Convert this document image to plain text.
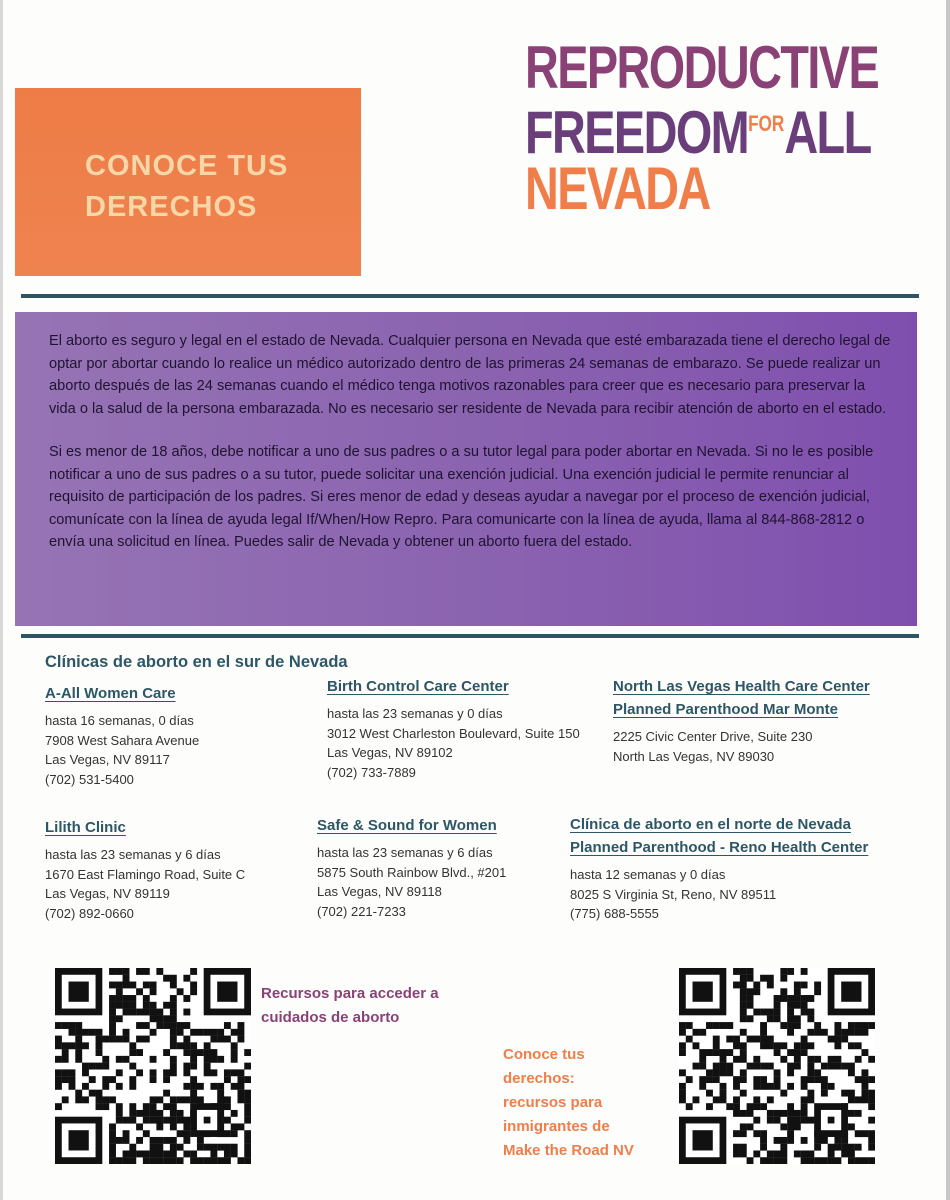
CONOCE TUS
DERECHOS
REPRODUCTIVE
$FREEDOM^{FOR}ALL$
NEVADA

El aborto es seguro y legal en el estado de Nevada. Cualquier persona en Nevada que esté embarazada tiene el derecho legal de optar por abortar cuando lo realice un médico autorizado dentro de las primeras 24 semanas de embarazo. Se puede realizar un aborto después de las 24 semanas cuando el médico tenga motivos razonables para creer que es necesario para preservar la vida o la salud de la persona embarazada. No es necesario ser residente de Nevada para recibir atención de aborto en el estado.

Si es menor de 18 años, debe notificar a uno de sus padres o a su tutor legal para poder abortar en Nevada. Si no le es posible notificar a uno de sus padres o a su tutor, puede solicitar una exención judicial. Una exención judicial le permite renunciar al requisito de participación de los padres. Si eres menor de edad y deseas ayudar a navegar por el proceso de exención judicial, comunícate con la línea de ayuda legal If/When/How Repro. Para comunicarte con la línea de ayuda, llama al 844-868-2812 o envía una solicitud en línea. Puedes salir de Nevada y obtener un aborto fuera del estado.

Clínicas de aborto en el sur de Nevada
A-All Women Care
hasta 16 semanas, 0 días
7908 West Sahara Avenue
Las Vegas, NV 89117
(702) 531-5400
Birth Control Care Center
hasta las 23 semanas y 0 días
3012 West Charleston Boulevard, Suite 150
Las Vegas, NV 89102
(702) 733-7889
North Las Vegas Health Care Center
Planned Parenthood Mar Monte
2225 Civic Center Drive, Suite 230
North Las Vegas, NV 89030
Lilith Clinic
hasta las 23 semanas y 6 días
1670 East Flamingo Road, Suite C
Las Vegas, NV 89119
(702) 892-0660
Safe & Sound for Women
hasta las 23 semanas y 6 días
5875 South Rainbow Blvd., #201
Las Vegas, NV 89118
(702) 221-7233
Clínica de aborto en el norte de Nevada
Planned Parenthood - Reno Health Center
hasta 12 semanas y 0 días
8025 S Virginia St, Reno, NV 89511
(775) 688-5555
Recursos para acceder a
cuidados de aborto
Conoce tus
derechos:
recursos para
inmigrantes de
Make the Road NV
